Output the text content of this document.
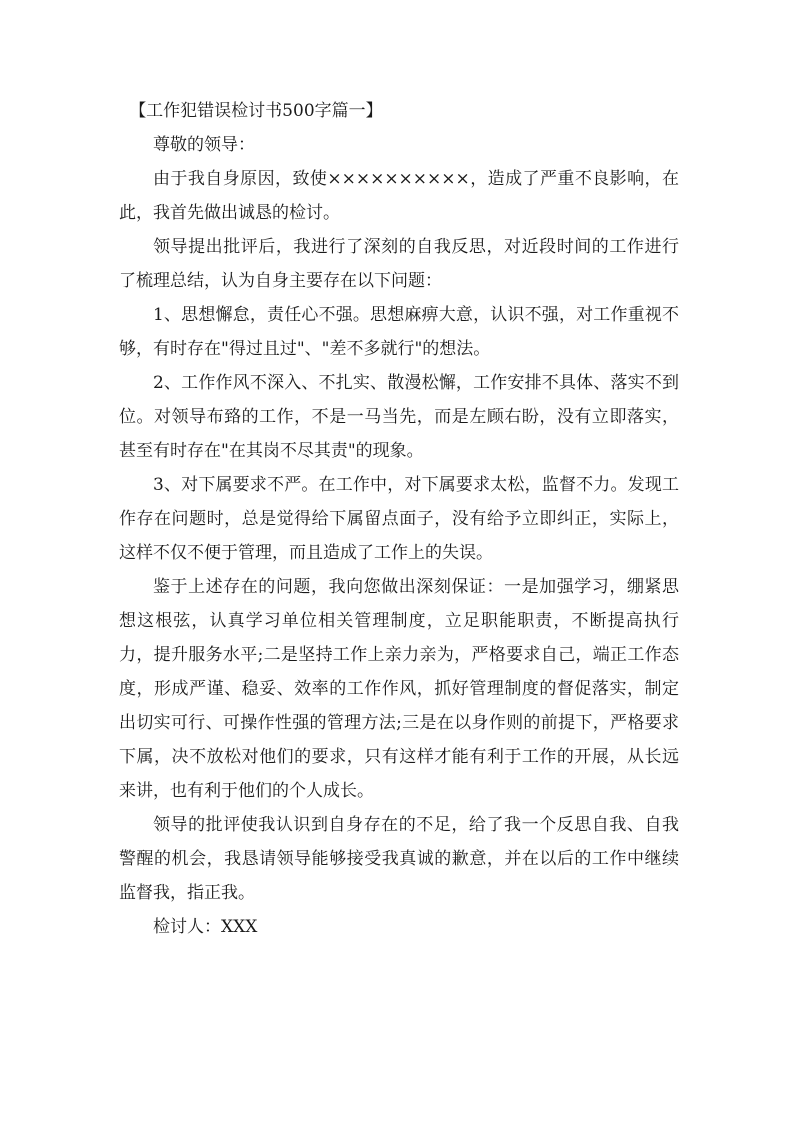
【工作犯错误检讨书500字篇一】

尊敬的领导：

由于我自身原因，致使××××××××××，造成了严重不良影响，在此，我首先做出诚恳的检讨。

领导提出批评后，我进行了深刻的自我反思，对近段时间的工作进行了梳理总结，认为自身主要存在以下问题：

1、思想懈怠，责任心不强。思想麻痹大意，认识不强，对工作重视不够，有时存在"得过且过"、"差不多就行"的想法。

2、工作作风不深入、不扎实、散漫松懈，工作安排不具体、落实不到位。对领导布臵的工作，不是一马当先，而是左顾右盼，没有立即落实，甚至有时存在"在其岗不尽其责"的现象。

3、对下属要求不严。在工作中，对下属要求太松，监督不力。发现工作存在问题时，总是觉得给下属留点面子，没有给予立即纠正，实际上，这样不仅不便于管理，而且造成了工作上的失误。

鉴于上述存在的问题，我向您做出深刻保证：一是加强学习，绷紧思想这根弦，认真学习单位相关管理制度，立足职能职责，不断提高执行力，提升服务水平;二是坚持工作上亲力亲为，严格要求自己，端正工作态度，形成严谨、稳妥、效率的工作作风，抓好管理制度的督促落实，制定出切实可行、可操作性强的管理方法;三是在以身作则的前提下，严格要求下属，决不放松对他们的要求，只有这样才能有利于工作的开展，从长远来讲，也有利于他们的个人成长。

领导的批评使我认识到自身存在的不足，给了我一个反思自我、自我警醒的机会，我恳请领导能够接受我真诚的歉意，并在以后的工作中继续监督我，指正我。

检讨人：XXX
